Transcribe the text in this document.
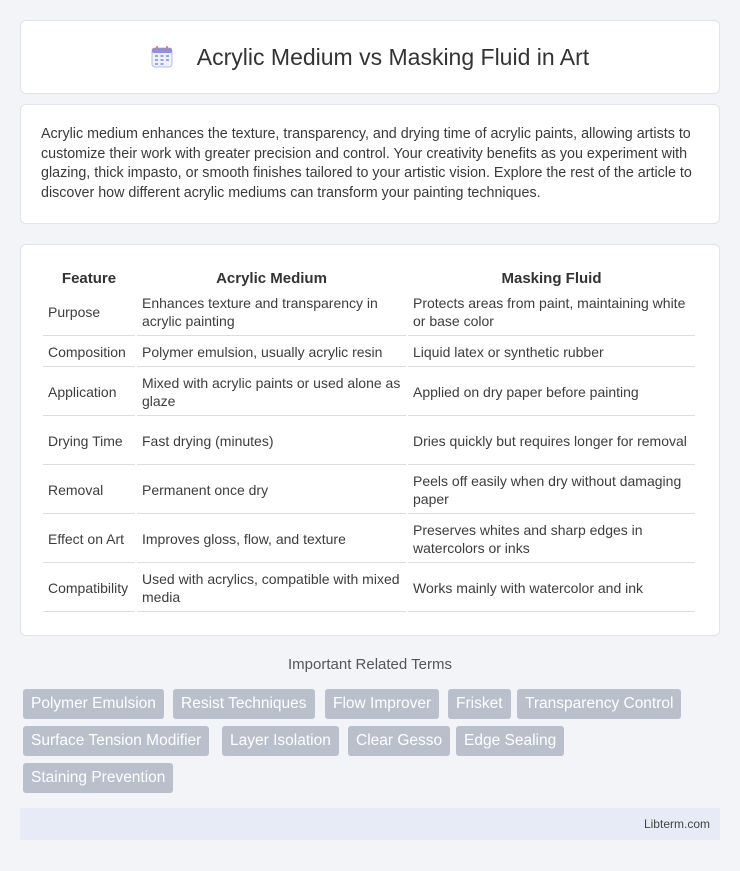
Acrylic Medium vs Masking Fluid in Art

Acrylic medium enhances the texture, transparency, and drying time of acrylic paints, allowing artists to customize their work with greater precision and control. Your creativity benefits as you experiment with glazing, thick impasto, or smooth finishes tailored to your artistic vision. Explore the rest of the article to discover how different acrylic mediums can transform your painting techniques.

Feature	Acrylic Medium	Masking Fluid
Purpose	Enhances texture and transparency in acrylic painting	Protects areas from paint, maintaining white or base color
Composition	Polymer emulsion, usually acrylic resin	Liquid latex or synthetic rubber
Application	Mixed with acrylic paints or used alone as glaze	Applied on dry paper before painting
Drying Time	Fast drying (minutes)	Dries quickly but requires longer for removal
Removal	Permanent once dry	Peels off easily when dry without damaging paper
Effect on Art	Improves gloss, flow, and texture	Preserves whites and sharp edges in watercolors or inks
Compatibility	Used with acrylics, compatible with mixed media	Works mainly with watercolor and ink
Important Related Terms
Polymer Emulsion	Resist Techniques	Flow Improver	Frisket	Transparency Control
Surface Tension Modifier	Layer Isolation	Clear Gesso	Edge Sealing
Staining Prevention
Libterm.com
